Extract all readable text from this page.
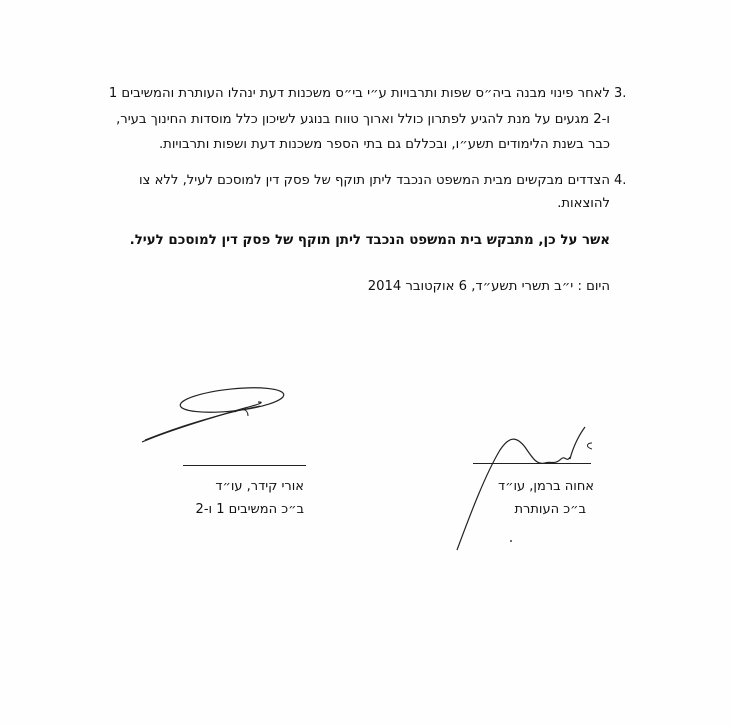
3.
לאחר פינוי מבנה ביה״ס שפות ותרבויות ע״י בי״ס משכנות דעת ינהלו העותרת והמשיבים 1
ו-2 מגעים על מנת להגיע לפתרון כולל וארוך טווח בנוגע לשיכון כלל מוסדות החינוך בעיר,
כבר בשנת הלימודים תשע״ו, ובכללם גם בתי הספר משכנות דעת ושפות ותרבויות.
4.
הצדדים מבקשים מבית המשפט הנכבד ליתן תוקף של פסק דין למוסכם לעיל, ללא צו
להוצאות.
אשר על כן, מתבקש בית המשפט הנכבד ליתן תוקף של פסק דין למוסכם לעיל.
היום : י״ב תשרי תשע״ד, 6 אוקטובר 2014
אורי קידר, עו״ד
ב״כ המשיבים 1 ו-2
אחוה ברמן, עו״ד
ב״כ העותרת
